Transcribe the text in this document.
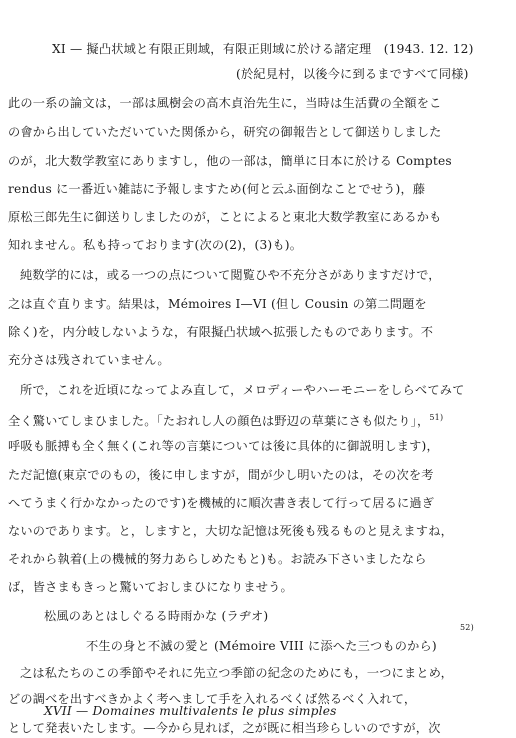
XI — 擬凸状域と有限正則域，有限正則域に於ける諸定理　(1943. 12. 12)
(於紀見村，以後今に到るまですべて同様)
此の一系の論文は，一部は風樹会の高木貞治先生に，当時は生活費の全額をこ
の會から出していただいていた関係から，研究の御報告として御送りしました
のが，北大数学教室にありますし，他の一部は，簡単に日本に於ける Comptes
rendus に一番近い雑誌に予報しますため(何と云ふ面倒なことでせう)，藤
原松三郎先生に御送りしましたのが，ことによると東北大数学教室にあるかも
知れません。私も持っております(次の(2)，(3)も)。
純数学的には，或る一つの点について閲覧ひや不充分さがありますだけで，
之は直ぐ直ります。結果は，Mémoires I—VI (但し Cousin の第二問題を
除く)を，内分岐しないような，有限擬凸状域へ拡張したものであります。不
充分さは残されていません。
所で，これを近頃になってよみ直して，メロディーやハーモニーをしらべてみて
全く驚いてしまひました。「たおれし人の顔色は野辺の草葉にさも似たり」，$^{51)}$
呼吸も脈搏も全く無く(これ等の言葉については後に具体的に御説明します)，
ただ記憶(東京でのもの，後に申しますが，間が少し明いたのは，その次を考
へてうまく行かなかったのです)を機械的に順次書き表して行って居るに過ぎ
ないのであります。と，しますと，大切な記憶は死後も残るものと見えますね，
それから執着(上の機械的努力あらしめたもと)も。お読み下さいましたなら
ば，皆さまもきっと驚いておしまひになりませう。
松風のあとはしぐるる時雨かな (ラヂオ)
52)
不生の身と不滅の愛と (Mémoire VIII に添へた三つものから)
之は私たちのこの季節やそれに先立つ季節の紀念のためにも，一つにまとめ，
どの調べを出すべきかよく考へまして手を入れるべくば然るべく入れて，
XVII — Domaines multivalents le plus simples
として発表いたします。—今から見れば，之が既に相当珍らしいのですが，次
